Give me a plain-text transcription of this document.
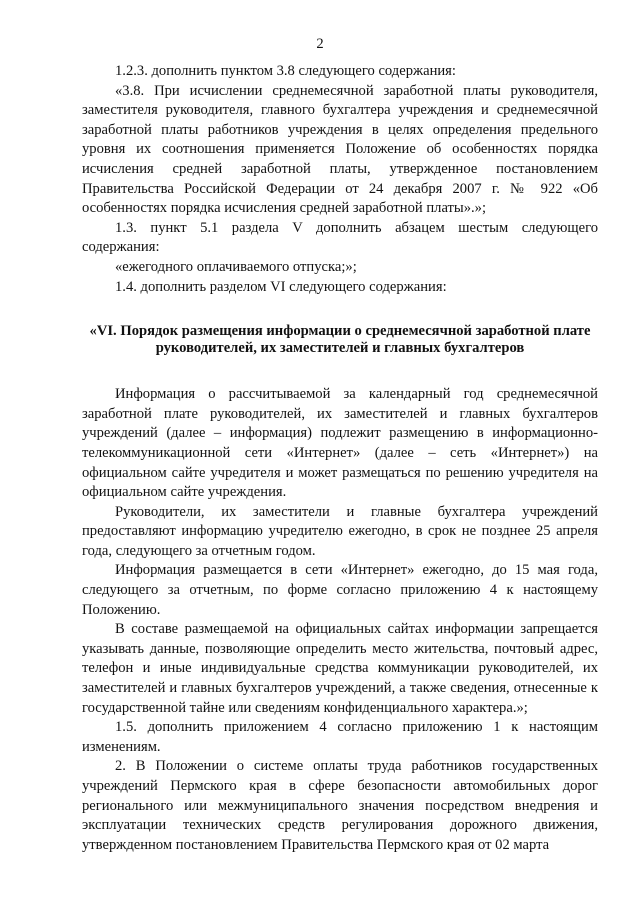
2

1.2.3. дополнить пунктом 3.8 следующего содержания:

«3.8. При исчислении среднемесячной заработной платы руководителя, заместителя руководителя, главного бухгалтера учреждения и среднемесячной заработной платы работников учреждения в целях определения предельного уровня их соотношения применяется Положение об особенностях порядка исчисления средней заработной платы, утвержденное постановлением Правительства Российской Федерации от 24 декабря 2007 г. № 922 «Об особенностях порядка исчисления средней заработной платы».»;

1.3. пункт 5.1 раздела V дополнить абзацем шестым следующего содержания:

«ежегодного оплачиваемого отпуска;»;

1.4. дополнить разделом VI следующего содержания:

«VI. Порядок размещения информации о среднемесячной заработной плате
руководителей, их заместителей и главных бухгалтеров

Информация о рассчитываемой за календарный год среднемесячной заработной плате руководителей, их заместителей и главных бухгалтеров учреждений (далее – информация) подлежит размещению в информационно-телекоммуникационной сети «Интернет» (далее – сеть «Интернет») на официальном сайте учредителя и может размещаться по решению учредителя на официальном сайте учреждения.

Руководители, их заместители и главные бухгалтера учреждений предоставляют информацию учредителю ежегодно, в срок не позднее 25 апреля года, следующего за отчетным годом.

Информация размещается в сети «Интернет» ежегодно, до 15 мая года, следующего за отчетным, по форме согласно приложению 4 к настоящему Положению.

В составе размещаемой на официальных сайтах информации запрещается указывать данные, позволяющие определить место жительства, почтовый адрес, телефон и иные индивидуальные средства коммуникации руководителей, их заместителей и главных бухгалтеров учреждений, а также сведения, отнесенные к государственной тайне или сведениям конфиденциального характера.»;

1.5. дополнить приложением 4 согласно приложению 1 к настоящим изменениям.

2. В Положении о системе оплаты труда работников государственных учреждений Пермского края в сфере безопасности автомобильных дорог регионального или межмуниципального значения посредством внедрения и эксплуатации технических средств регулирования дорожного движения, утвержденном постановлением Правительства Пермского края от 02 марта
